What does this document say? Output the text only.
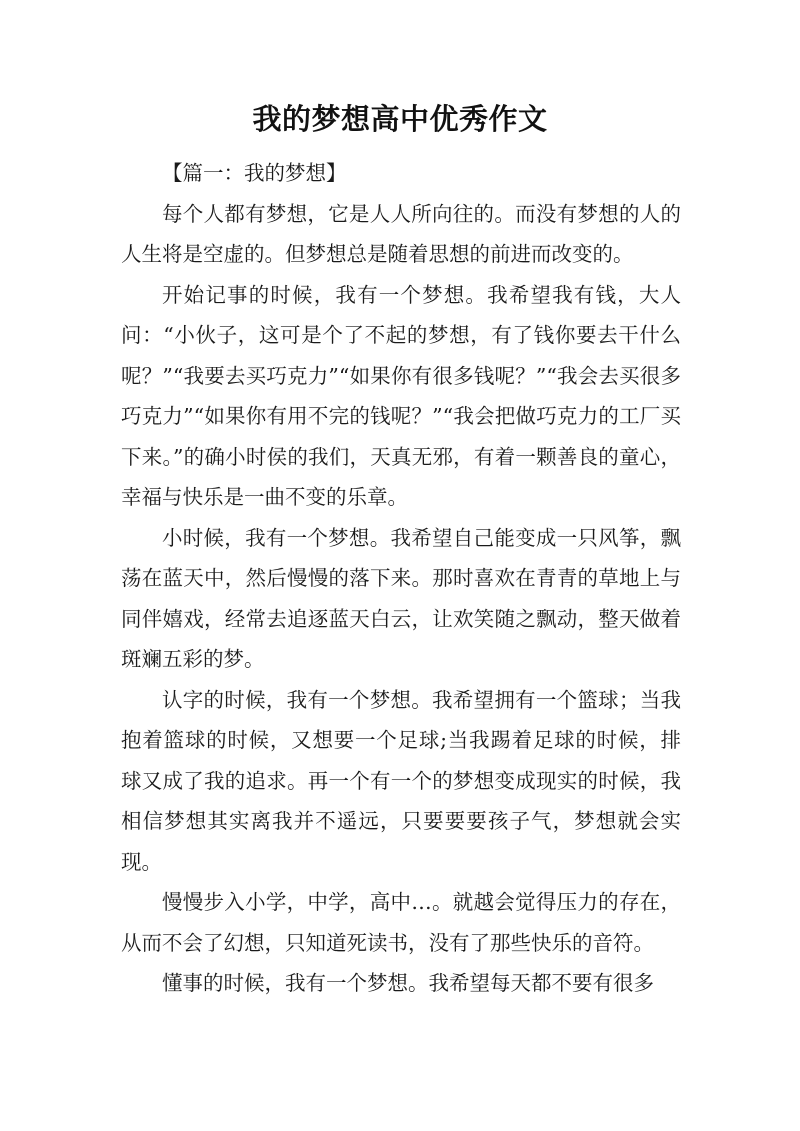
我的梦想高中优秀作文

【篇一：我的梦想】

每个人都有梦想，它是人人所向往的。而没有梦想的人的人生将是空虚的。但梦想总是随着思想的前进而改变的。

开始记事的时候，我有一个梦想。我希望我有钱，大人问：“小伙子，这可是个了不起的梦想，有了钱你要去干什么呢？”“我要去买巧克力”“如果你有很多钱呢？”“我会去买很多巧克力”“如果你有用不完的钱呢？”“我会把做巧克力的工厂买下来。”的确小时侯的我们，天真无邪，有着一颗善良的童心，幸福与快乐是一曲不变的乐章。

小时候，我有一个梦想。我希望自己能变成一只风筝，飘荡在蓝天中，然后慢慢的落下来。那时喜欢在青青的草地上与同伴嬉戏，经常去追逐蓝天白云，让欢笑随之飘动，整天做着斑斓五彩的梦。

认字的时候，我有一个梦想。我希望拥有一个篮球；当我抱着篮球的时候，又想要一个足球;当我踢着足球的时候，排球又成了我的追求。再一个有一个的梦想变成现实的时候，我相信梦想其实离我并不遥远，只要要要孩子气，梦想就会实现。

慢慢步入小学，中学，高中…。就越会觉得压力的存在，从而不会了幻想，只知道死读书，没有了那些快乐的音符。

懂事的时候，我有一个梦想。我希望每天都不要有很多
